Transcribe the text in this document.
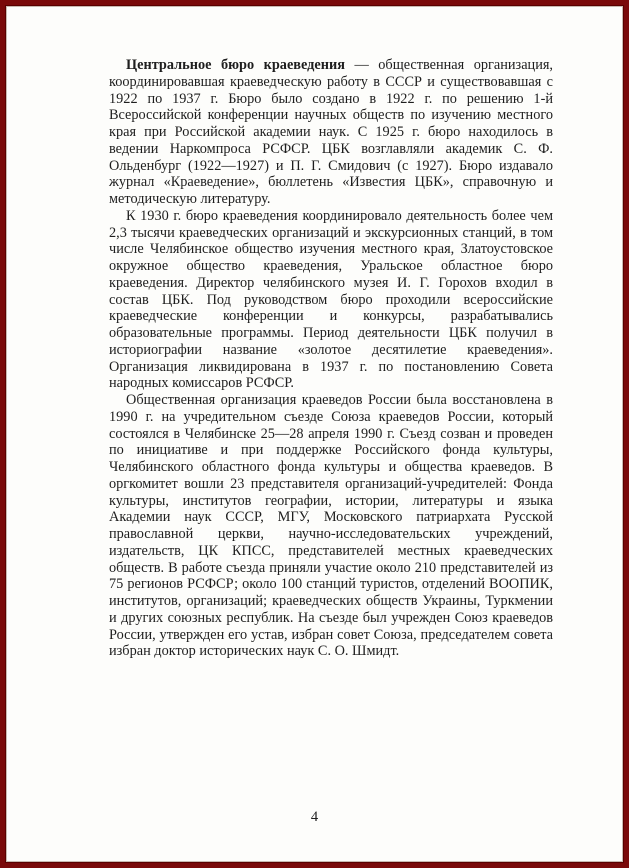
Центральное бюро краеведения — общественная организация, координировавшая краеведческую работу в СССР и существовавшая с 1922 по 1937 г. Бюро было создано в 1922 г. по решению 1-й Всероссийской конференции научных обществ по изучению местного края при Российской академии наук. С 1925 г. бюро находилось в ведении Наркомпроса РСФСР. ЦБК возглавляли академик С. Ф. Ольденбург (1922—1927) и П. Г. Смидович (с 1927). Бюро издавало журнал «Краеведение», бюллетень «Известия ЦБК», справочную и методическую литературу.

К 1930 г. бюро краеведения координировало деятельность более чем 2,3 тысячи краеведческих организаций и экскурсионных станций, в том числе Челябинское общество изучения местного края, Златоустовское окружное общество краеведения, Уральское областное бюро краеведения. Директор челябинского музея И. Г. Горохов входил в состав ЦБК. Под руководством бюро проходили всероссийские краеведческие конференции и конкурсы, разрабатывались образовательные программы. Период деятельности ЦБК получил в историографии название «золотое десятилетие краеведения». Организация ликвидирована в 1937 г. по постановлению Совета народных комиссаров РСФСР.

Общественная организация краеведов России была восстановлена в 1990 г. на учредительном съезде Союза краеведов России, который состоялся в Челябинске 25—28 апреля 1990 г. Съезд созван и проведен по инициативе и при поддержке Российского фонда культуры, Челябинского областного фонда культуры и общества краеведов. В оргкомитет вошли 23 представителя организаций-учредителей: Фонда культуры, институтов географии, истории, литературы и языка Академии наук СССР, МГУ, Московского патриархата Русской православной церкви, научно-исследовательских учреждений, издательств, ЦК КПСС, представителей местных краеведческих обществ. В работе съезда приняли участие около 210 представителей из 75 регионов РСФСР; около 100 станций туристов, отделений ВООПИК, институтов, организаций; краеведческих обществ Украины, Туркмении и других союзных республик. На съезде был учрежден Союз краеведов России, утвержден его устав, избран совет Союза, председателем совета избран доктор исторических наук С. О. Шмидт.

4
